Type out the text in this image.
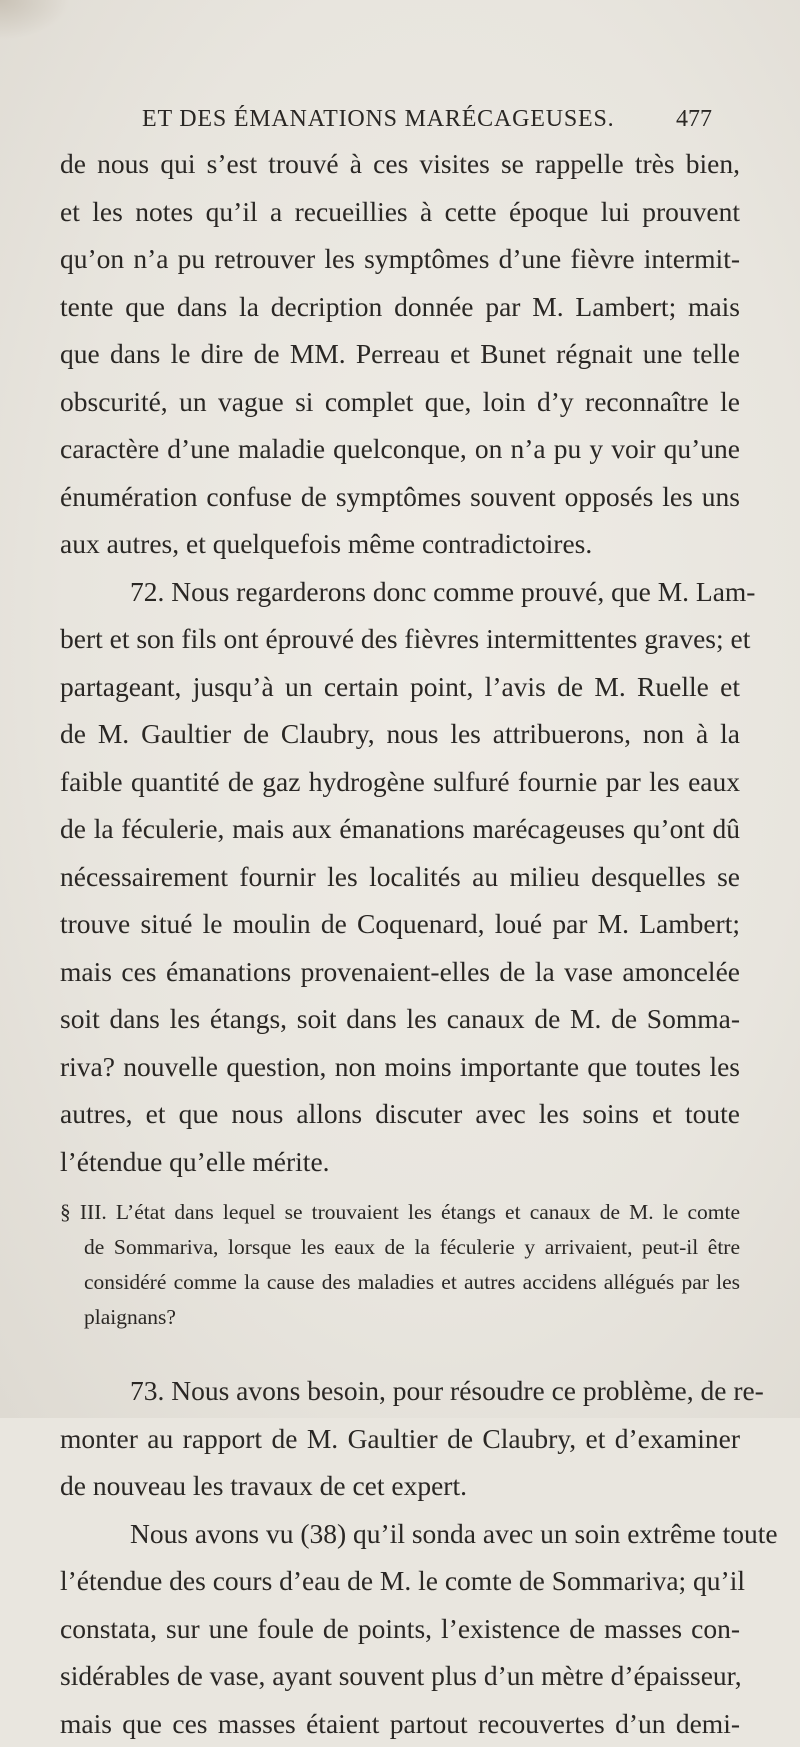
ET DES ÉMANATIONS MARÉCAGEUSES.	477
de nous qui s’est trouvé à ces visites se rappelle très bien,
et les notes qu’il a recueillies à cette époque lui prouvent
qu’on n’a pu retrouver les symptômes d’une fièvre intermit-
tente que dans la decription donnée par M. Lambert; mais
que dans le dire de MM. Perreau et Bunet régnait une telle
obscurité, un vague si complet que, loin d’y reconnaître le
caractère d’une maladie quelconque, on n’a pu y voir qu’une
énumération confuse de symptômes souvent opposés les uns
aux autres, et quelquefois même contradictoires.
72. Nous regarderons donc comme prouvé, que M. Lam-
bert et son fils ont éprouvé des fièvres intermittentes graves; et
partageant, jusqu’à un certain point, l’avis de M. Ruelle et
de M. Gaultier de Claubry, nous les attribuerons, non à la
faible quantité de gaz hydrogène sulfuré fournie par les eaux
de la féculerie, mais aux émanations marécageuses qu’ont dû
nécessairement fournir les localités au milieu desquelles se
trouve situé le moulin de Coquenard, loué par M. Lambert;
mais ces émanations provenaient-elles de la vase amoncelée
soit dans les étangs, soit dans les canaux de M. de Somma-
riva? nouvelle question, non moins importante que toutes les
autres, et que nous allons discuter avec les soins et toute
l’étendue qu’elle mérite.
§ III. L’état dans lequel se trouvaient les étangs et canaux de M. le comte
de Sommariva, lorsque les eaux de la féculerie y arrivaient, peut-il être
considéré comme la cause des maladies et autres accidens allégués par les
plaignans?
73. Nous avons besoin, pour résoudre ce problème, de re-
monter au rapport de M. Gaultier de Claubry, et d’examiner
de nouveau les travaux de cet expert.
Nous avons vu (38) qu’il sonda avec un soin extrême toute
l’étendue des cours d’eau de M. le comte de Sommariva; qu’il
constata, sur une foule de points, l’existence de masses con-
sidérables de vase, ayant souvent plus d’un mètre d’épaisseur,
mais que ces masses étaient partout recouvertes d’un demi-
